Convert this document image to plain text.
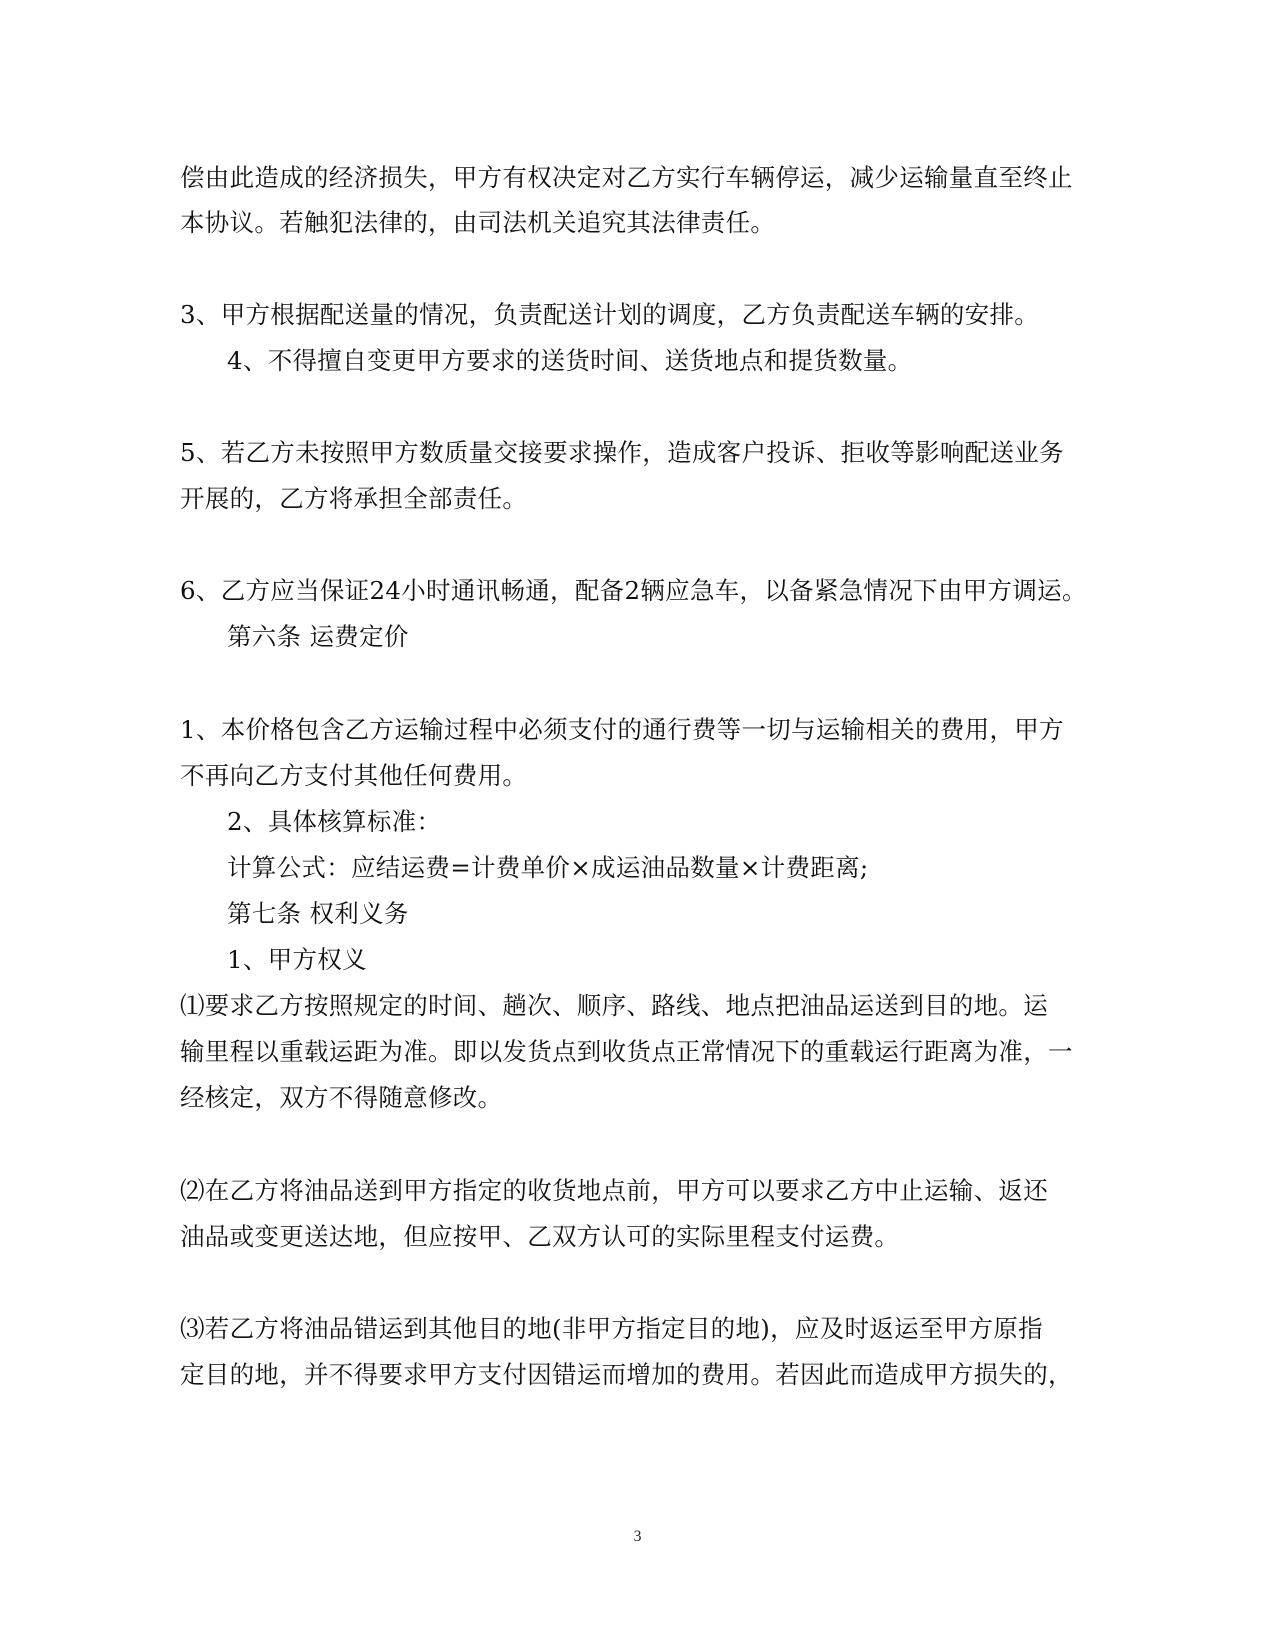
偿由此造成的经济损失，甲方有权决定对乙方实行车辆停运，减少运输量直至终止
本协议。若触犯法律的，由司法机关追究其法律责任。
3、甲方根据配送量的情况，负责配送计划的调度，乙方负责配送车辆的安排。
4、不得擅自变更甲方要求的送货时间、送货地点和提货数量。
5、若乙方未按照甲方数质量交接要求操作，造成客户投诉、拒收等影响配送业务
开展的，乙方将承担全部责任。
6、乙方应当保证24小时通讯畅通，配备2辆应急车，以备紧急情况下由甲方调运。
第六条 运费定价
1、本价格包含乙方运输过程中必须支付的通行费等一切与运输相关的费用，甲方
不再向乙方支付其他任何费用。
2、具体核算标准：
计算公式：应结运费=计费单价×成运油品数量×计费距离;
第七条 权利义务
1、甲方权义
⑴要求乙方按照规定的时间、趟次、顺序、路线、地点把油品运送到目的地。运
输里程以重载运距为准。即以发货点到收货点正常情况下的重载运行距离为准，一
经核定，双方不得随意修改。
⑵在乙方将油品送到甲方指定的收货地点前，甲方可以要求乙方中止运输、返还
油品或变更送达地，但应按甲、乙双方认可的实际里程支付运费。
⑶若乙方将油品错运到其他目的地(非甲方指定目的地)，应及时返运至甲方原指
定目的地，并不得要求甲方支付因错运而增加的费用。若因此而造成甲方损失的，
3
